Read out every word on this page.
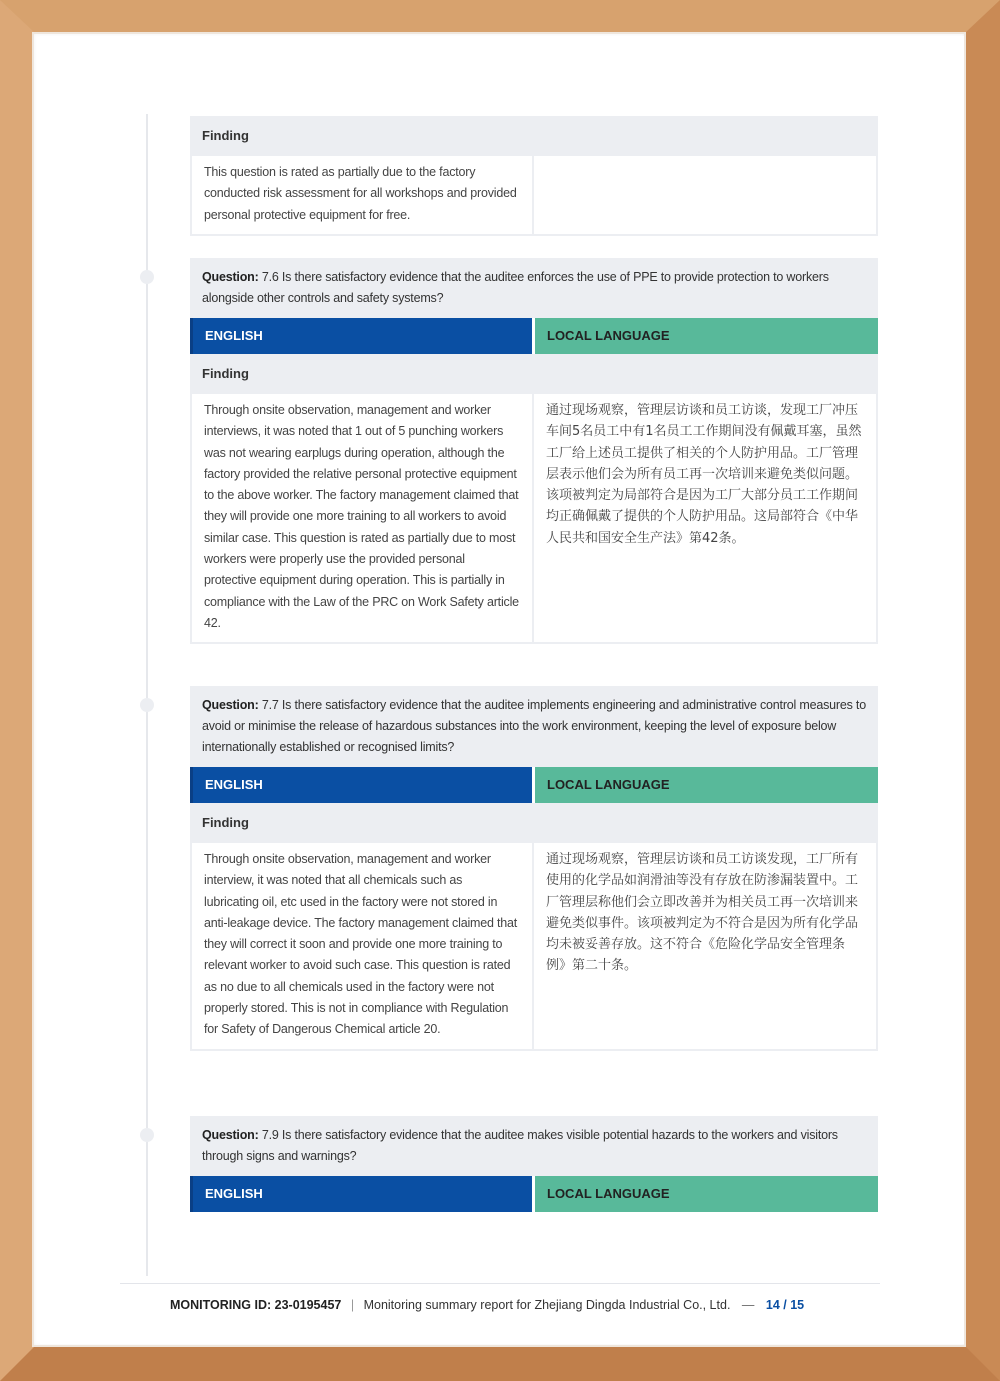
Finding
This question is rated as partially due to the factory conducted risk assessment for all workshops and provided personal protective equipment for free.
Question: 7.6 Is there satisfactory evidence that the auditee enforces the use of PPE to provide protection to workers alongside other controls and safety systems?
ENGLISH	LOCAL LANGUAGE
Finding
Through onsite observation, management and worker interviews, it was noted that 1 out of 5 punching workers was not wearing earplugs during operation, although the factory provided the relative personal protective equipment to the above worker. The factory management claimed that they will provide one more training to all workers to avoid similar case. This question is rated as partially due to most workers were properly use the provided personal protective equipment during operation. This is partially in compliance with the Law of the PRC on Work Safety article 42.
通过现场观察，管理层访谈和员工访谈，发现工厂冲压车间5名员工中有1名员工工作期间没有佩戴耳塞，虽然工厂给上述员工提供了相关的个人防护用品。工厂管理层表示他们会为所有员工再一次培训来避免类似问题。该项被判定为局部符合是因为工厂大部分员工工作期间均正确佩戴了提供的个人防护用品。这局部符合《中华人民共和国安全生产法》第42条。
Question: 7.7 Is there satisfactory evidence that the auditee implements engineering and administrative control measures to avoid or minimise the release of hazardous substances into the work environment, keeping the level of exposure below internationally established or recognised limits?
ENGLISH	LOCAL LANGUAGE
Finding
Through onsite observation, management and worker interview, it was noted that all chemicals such as lubricating oil, etc used in the factory were not stored in anti-leakage device. The factory management claimed that they will correct it soon and provide one more training to relevant worker to avoid such case. This question is rated as no due to all chemicals used in the factory were not properly stored. This is not in compliance with Regulation for Safety of Dangerous Chemical article 20.
通过现场观察，管理层访谈和员工访谈发现，工厂所有使用的化学品如润滑油等没有存放在防渗漏装置中。工厂管理层称他们会立即改善并为相关员工再一次培训来避免类似事件。该项被判定为不符合是因为所有化学品均未被妥善存放。这不符合《危险化学品安全管理条例》第二十条。
Question: 7.9 Is there satisfactory evidence that the auditee makes visible potential hazards to the workers and visitors through signs and warnings?
ENGLISH	LOCAL LANGUAGE
MONITORING ID: 23-0195457 | Monitoring summary report for Zhejiang Dingda Industrial Co., Ltd. — 14 / 15
